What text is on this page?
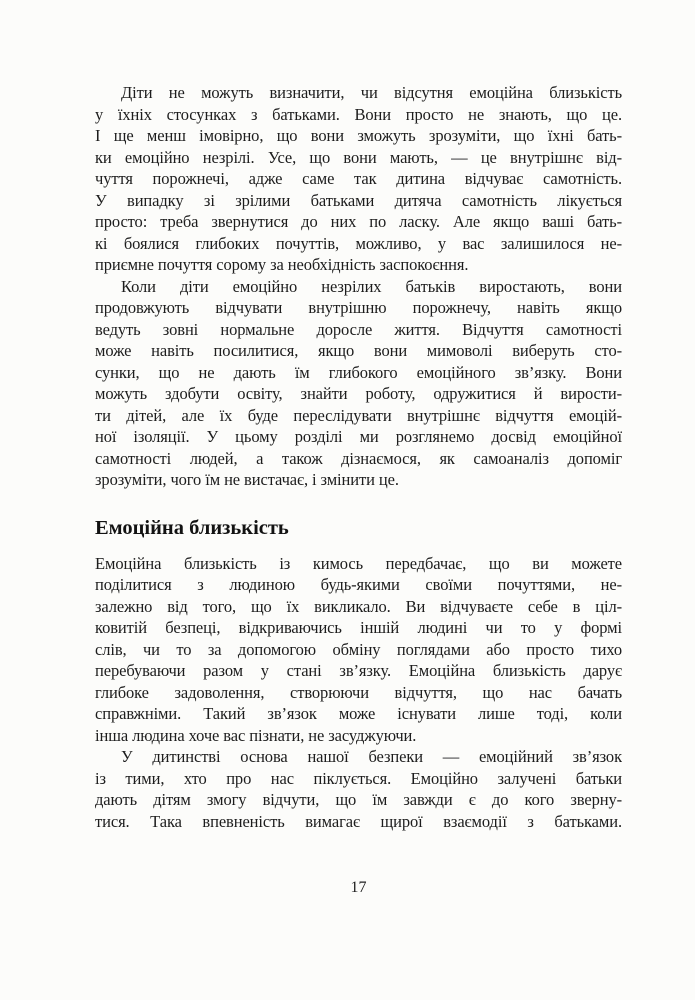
Діти не можуть визначити, чи відсутня емоційна близькість
у їхніх стосунках з батьками. Вони просто не знають, що це.
І ще менш імовірно, що вони зможуть зрозуміти, що їхні бать-
ки емоційно незрілі. Усе, що вони мають, — це внутрішнє від-
чуття порожнечі, адже саме так дитина відчуває самотність.
У випадку зі зрілими батьками дитяча самотність лікується
просто: треба звернутися до них по ласку. Але якщо ваші бать-
кі боялися глибоких почуттів, можливо, у вас залишилося не-
приємне почуття сорому за необхідність заспокоєння.
Коли діти емоційно незрілих батьків виростають, вони
продовжують відчувати внутрішню порожнечу, навіть якщо
ведуть зовні нормальне доросле життя. Відчуття самотності
може навіть посилитися, якщо вони мимоволі виберуть сто-
сунки, що не дають їм глибокого емоційного зв’язку. Вони
можуть здобути освіту, знайти роботу, одружитися й вирости-
ти дітей, але їх буде переслідувати внутрішнє відчуття емоцій-
ної ізоляції. У цьому розділі ми розглянемо досвід емоційної
самотності людей, а також дізнаємося, як самоаналіз допоміг
зрозуміти, чого їм не вистачає, і змінити це.
Емоційна близькість
Емоційна близькість із кимось передбачає, що ви можете
поділитися з людиною будь-якими своїми почуттями, не-
залежно від того, що їх викликало. Ви відчуваєте себе в ціл-
ковитій безпеці, відкриваючись іншій людині чи то у формі
слів, чи то за допомогою обміну поглядами або просто тихо
перебуваючи разом у стані зв’язку. Емоційна близькість дарує
глибоке задоволення, створюючи відчуття, що нас бачать
справжніми. Такий зв’язок може існувати лише тоді, коли
інша людина хоче вас пізнати, не засуджуючи.
У дитинстві основа нашої безпеки — емоційний зв’язок
із тими, хто про нас піклується. Емоційно залучені батьки
дають дітям змогу відчути, що їм завжди є до кого зверну-
тися. Така впевненість вимагає щирої взаємодії з батьками.
17
